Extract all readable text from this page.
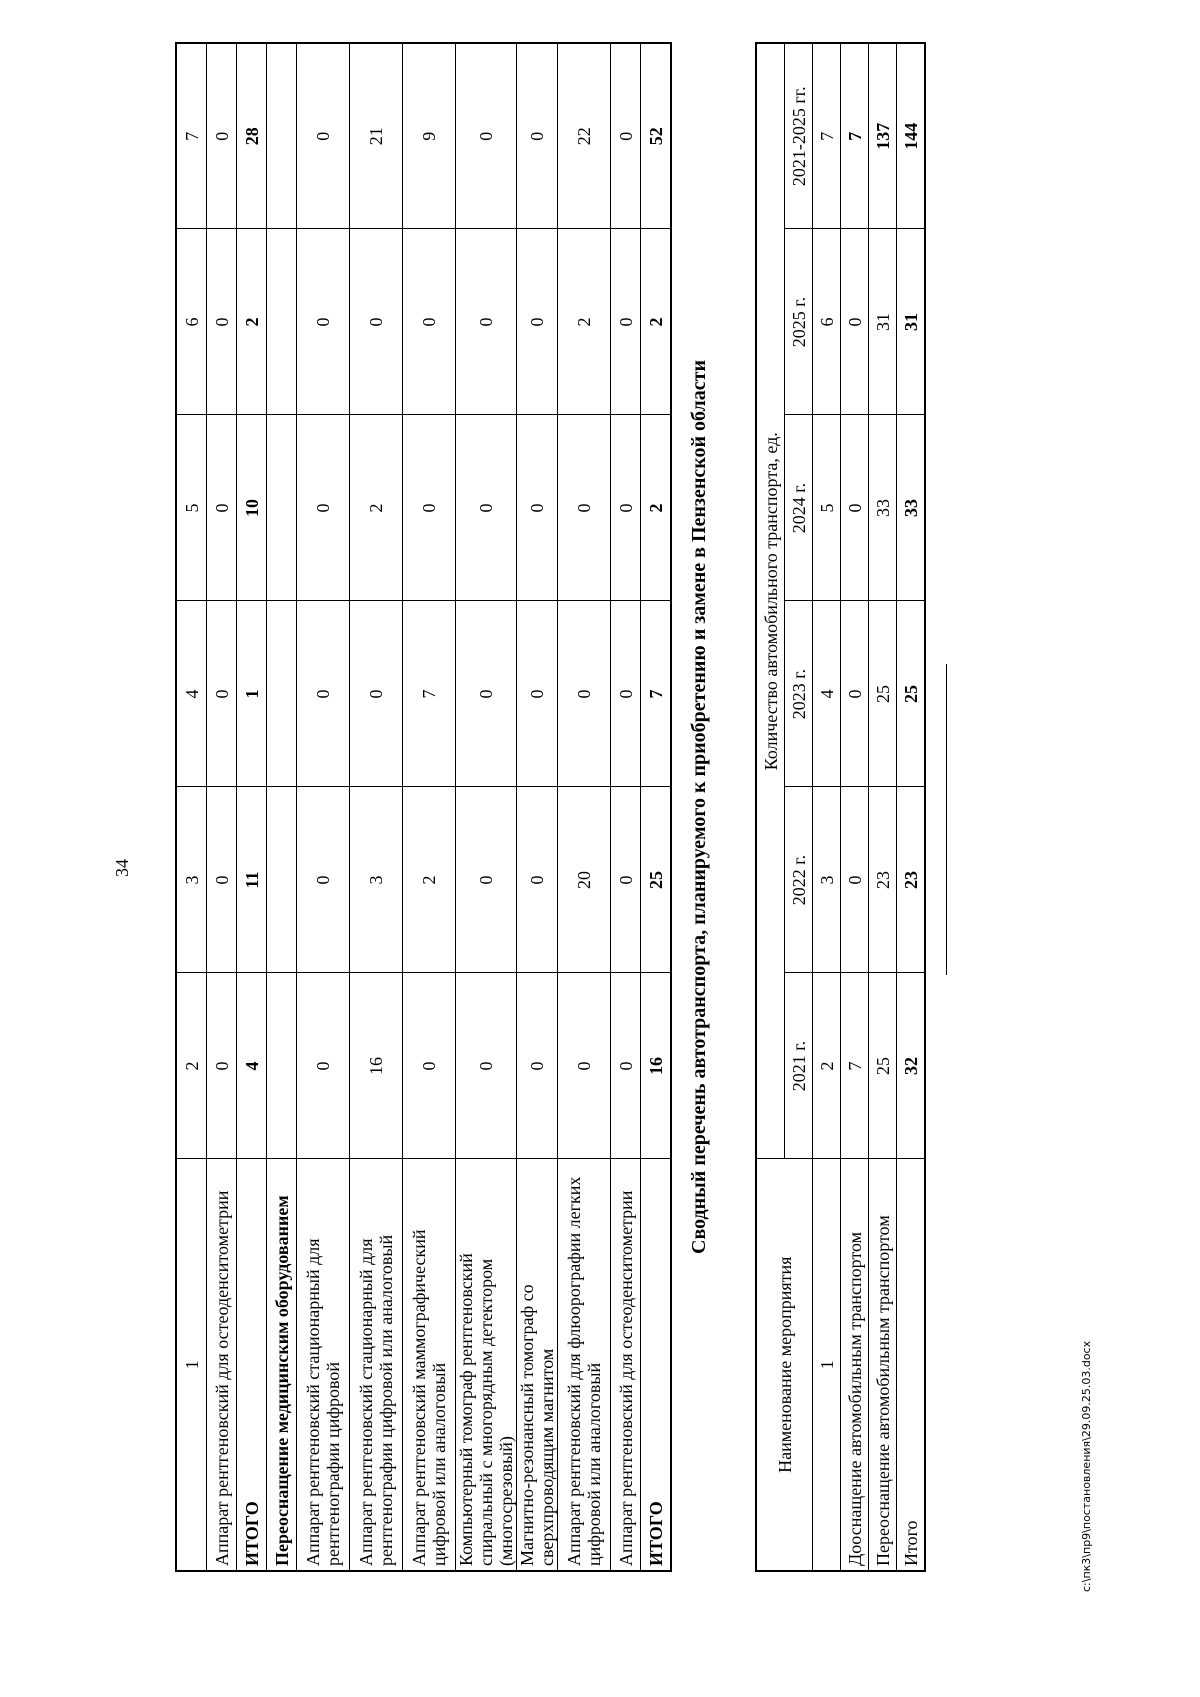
34
1	2	3	4	5	6	7
Аппарат рентгеновский для остеоденситометрии	0	0	0	0	0	0
ИТОГО	4	11	1	10	2	28
Переоснащение медицинским оборудованием						
Аппарат рентгеновский стационарный для рентгенографии цифровой	0	0	0	0	0	0
Аппарат рентгеновский стационарный для рентгенографии цифровой или аналоговый	16	3	0	2	0	21
Аппарат рентгеновский маммографический цифровой или аналоговый	0	2	7	0	0	9
Компьютерный томограф рентгеновский спиральный с многорядным детектором (многосрезовый)	0	0	0	0	0	0
Магнитно-резонансный томограф со сверхпроводящим магнитом	0	0	0	0	0	0
Аппарат рентгеновский для флюорографии легких цифровой или аналоговый	0	20	0	0	2	22
Аппарат рентгеновский для остеоденситометрии	0	0	0	0	0	0
ИТОГО	16	25	7	2	2	52
Сводный перечень автотранспорта, планируемого к приобретению и замене в Пензенской области
Наименование мероприятия	Количество автомобильного транспорта, ед.					
	2021 г.	2022 г.	2023 г.	2024 г.	2025 г.	2021-2025 гг.
1	2	3	4	5	6	7
Дооснащение автомобильным транспортом	7	0	0	0	0	7
Переоснащение автомобильным транспортом	25	23	25	33	31	137
Итого	32	23	25	33	31	144
c:\пк3\пр9\постановления\29.09.25.03.docx
